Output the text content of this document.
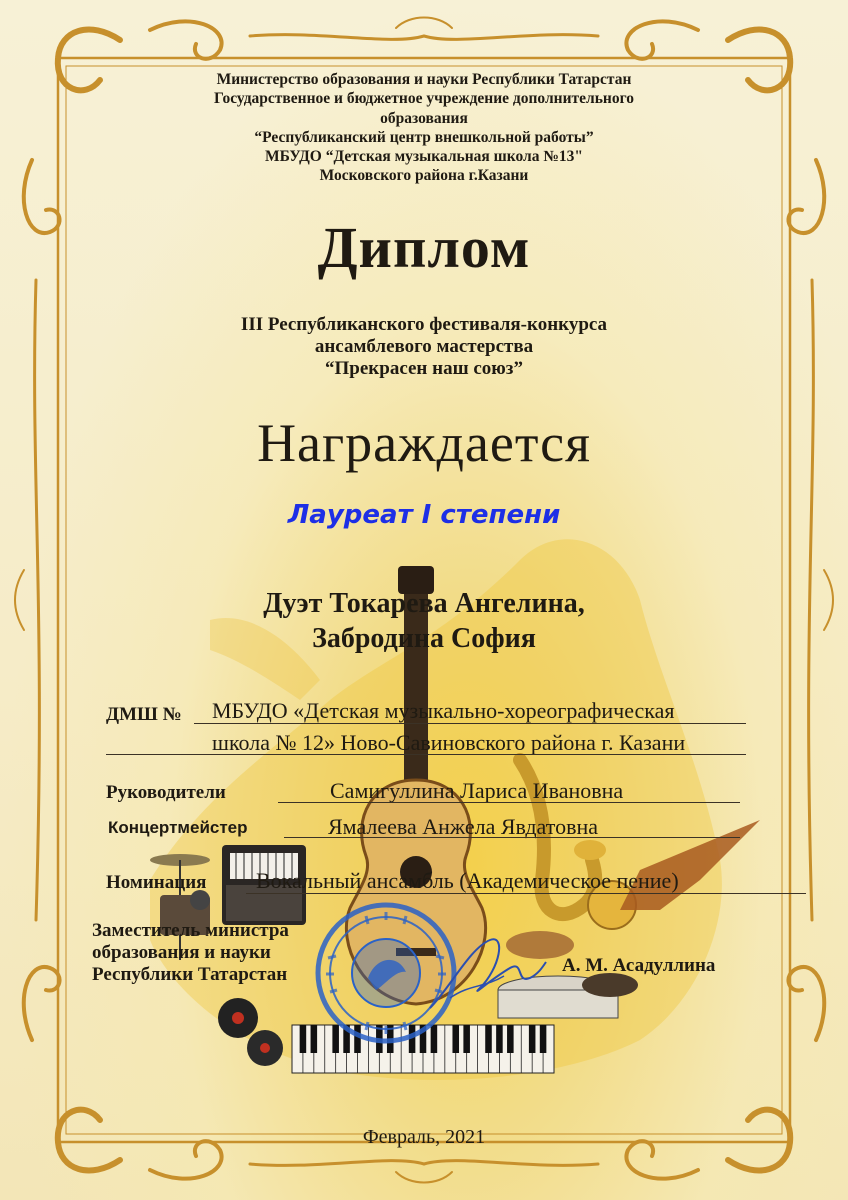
Министерство образования и науки Республики Татарстан
Государственное и бюджетное учреждение дополнительного
образования
“Республиканский центр внешкольной работы”
МБУДО “Детская музыкальная школа №13"
Московского района г.Казани
Диплом
III Республиканского фестиваля-конкурса
ансамблевого мастерства
“Прекрасен наш союз”
Награждается
Лауреат I степени
Дуэт Токарева Ангелина,
Забродина София
ДМШ № МБУДО «Детская музыкально-хореографическая
школа № 12» Ново-Савиновского района г. Казани
Руководители	Самигуллина Лариса Ивановна
Концертмейстер	Ямалеева Анжела Явдатовна
Номинация Вокальный ансамбль (Академическое пение)
Заместитель министра
образования и науки
Республики Татарстан	А. М. Асадуллина
Февраль, 2021
